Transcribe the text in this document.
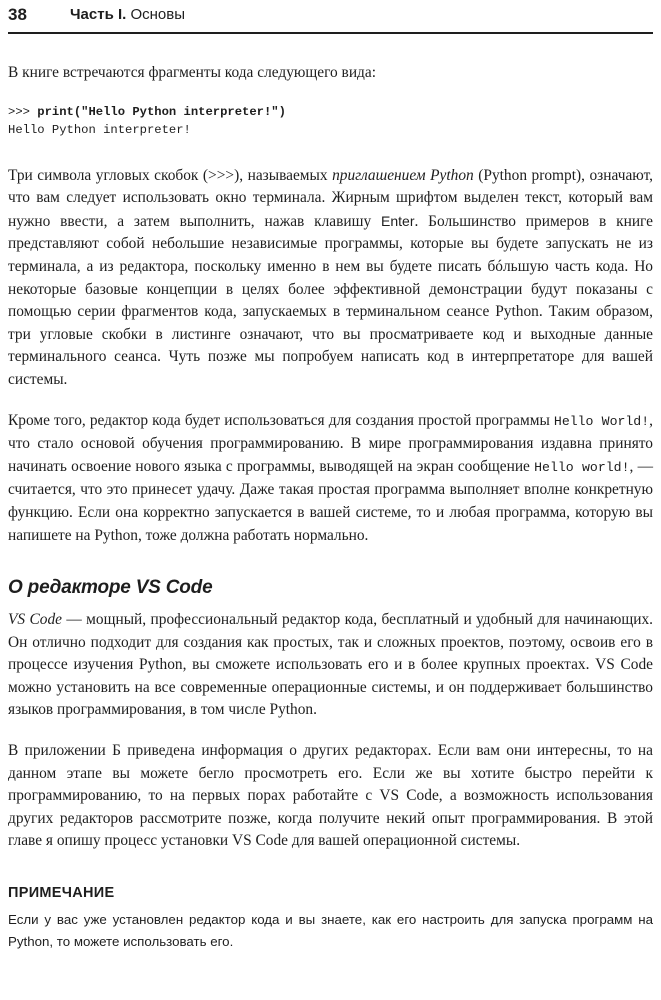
38	Часть I. Основы

В книге встречаются фрагменты кода следующего вида:

>>> print("Hello Python interpreter!")
Hello Python interpreter!

Три символа угловых скобок (>>>), называемых приглашением Python (Python prompt), означают, что вам следует использовать окно терминала. Жирным шрифтом выделен текст, который вам нужно ввести, а затем выполнить, нажав клавишу Enter. Большинство примеров в книге представляют собой небольшие независимые программы, которые вы будете запускать не из терминала, а из редактора, поскольку именно в нем вы будете писать бóльшую часть кода. Но некоторые базовые концепции в целях более эффективной демонстрации будут показаны с помощью серии фрагментов кода, запускаемых в терминальном сеансе Python. Таким образом, три угловые скобки в листинге означают, что вы просматриваете код и выходные данные терминального сеанса. Чуть позже мы попробуем написать код в интерпретаторе для вашей системы.

Кроме того, редактор кода будет использоваться для создания простой программы Hello World!, что стало основой обучения программированию. В мире программирования издавна принято начинать освоение нового языка с программы, выводящей на экран сообщение Hello world!, — считается, что это принесет удачу. Даже такая простая программа выполняет вполне конкретную функцию. Если она корректно запускается в вашей системе, то и любая программа, которую вы напишете на Python, тоже должна работать нормально.

О редакторе VS Code

VS Code — мощный, профессиональный редактор кода, бесплатный и удобный для начинающих. Он отлично подходит для создания как простых, так и сложных проектов, поэтому, освоив его в процессе изучения Python, вы сможете использовать его и в более крупных проектах. VS Code можно установить на все современные операционные системы, и он поддерживает большинство языков программирования, в том числе Python.

В приложении Б приведена информация о других редакторах. Если вам они интересны, то на данном этапе вы можете бегло просмотреть его. Если же вы хотите быстро перейти к программированию, то на первых порах работайте с VS Code, а возможность использования других редакторов рассмотрите позже, когда получите некий опыт программирования. В этой главе я опишу процесс установки VS Code для вашей операционной системы.

ПРИМЕЧАНИЕ
Если у вас уже установлен редактор кода и вы знаете, как его настроить для запуска программ на Python, то можете использовать его.
